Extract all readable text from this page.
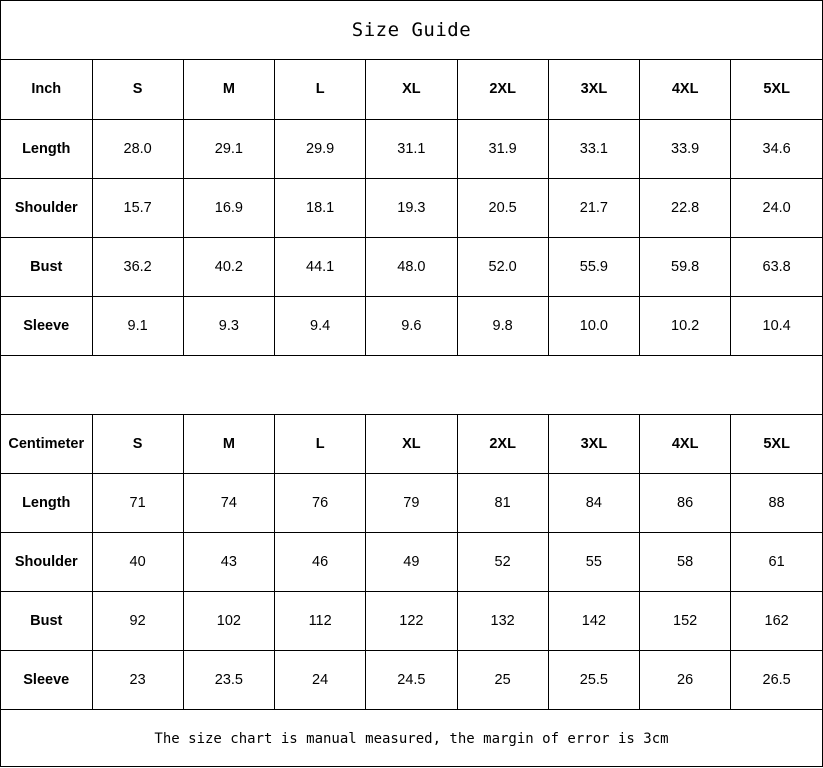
Size Guide
Inch	S	M	L	XL	2XL	3XL	4XL	5XL
Length	28.0	29.1	29.9	31.1	31.9	33.1	33.9	34.6
Shoulder	15.7	16.9	18.1	19.3	20.5	21.7	22.8	24.0
Bust	36.2	40.2	44.1	48.0	52.0	55.9	59.8	63.8
Sleeve	9.1	9.3	9.4	9.6	9.8	10.0	10.2	10.4
Centimeter	S	M	L	XL	2XL	3XL	4XL	5XL
Length	71	74	76	79	81	84	86	88
Shoulder	40	43	46	49	52	55	58	61
Bust	92	102	112	122	132	142	152	162
Sleeve	23	23.5	24	24.5	25	25.5	26	26.5
The size chart is manual measured, the margin of error is 3cm
